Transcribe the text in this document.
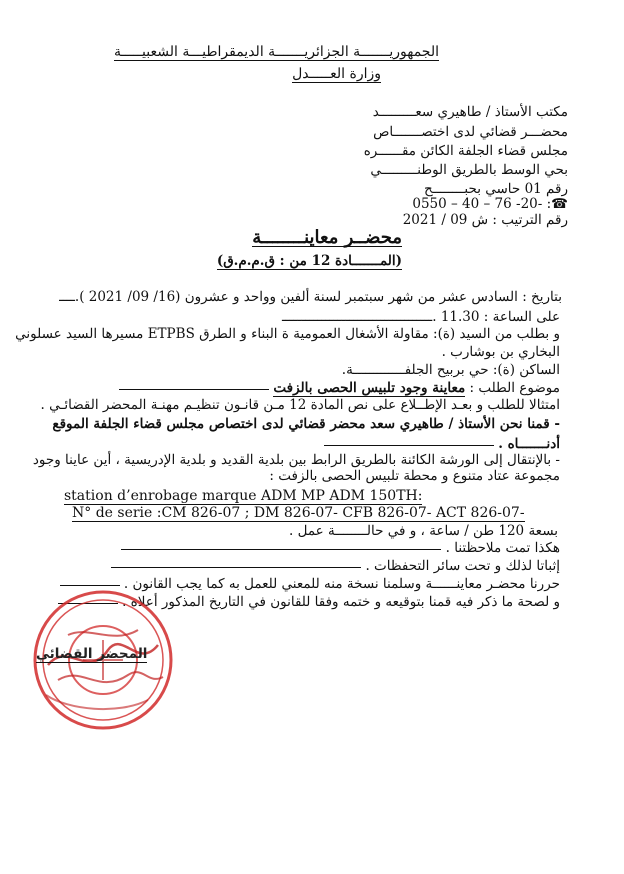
الجمهوريـــــــة الجزائريـــــــة الديمقراطيـــة الشعبيـــــة
وزارة العـــــدل
مكتب الأستاذ / طاهيري سعـــــــــد
محضـــر قضائي لدى اختصـــــــاص
مجلس قضاء الجلفة الكائن مقــــــره
بحي الوسط بالطريق الوطنـــــــــي
رقم 01 حاسي بحبــــــــح
0550 – 40 – 76 -20- :☎
رقم الترتيب : ش 09 / 2021
محضــر معاينــــــــة
(المـــــــادة 12 من : ق.م.م.ق)
بتاريخ : السادس عشر من شهر سبتمبر لسنة ألفين وواحد و عشرون (16/ 09/ 2021 ).ــــ
على الساعة : 11.30 .ــــــــــــــــــــــــــــــــــــــ
و بطلب من السيد (ة): مقاولة الأشغال العمومية ة البناء و الطرق ETPBS مسيرها السيد عسلوني
البخاري بن بوشارب .
الساكن (ة): حي بربيح الجلفـــــــــــــة.
موضوع الطلب : معاينة وجود تلبيس الحصى بالزفت
امتثالا للطلب و بعـد الإطــلاع على نص المادة 12 مـن قانـون تنظيـم مهنـة المحضر القضائـي .
- قمنا نحن الأستاذ / طاهيري سعد محضر قضائي لدى اختصاص مجلس قضاء الجلفة الموقع
أدنـــــــاه .
- بالإنتقال إلى الورشة الكائنة بالطريق الرابط بين بلدية القديد و بلدية الإدريسية ، أين عاينا وجود
مجموعة عتاد متنوع و محطة تلبيس الحصى بالزفت :
station d’enrobage marque ADM MP ADM 150TH:
N° de serie :CM 826-07 ; DM 826-07- CFB 826-07- ACT 826-07-
بسعة 120 طن / ساعة ، و في حالــــــــة عمل .
هكذا تمت ملاحظتنا .
إثباتا لذلك و تحت سائر التحفظات .
حررنا محضـر معاينــــــة وسلمنا نسخة منه للمعني للعمل به كما يجب القانون .
و لصحة ما ذكر فيه قمنا بتوقيعه و ختمه وفقا للقانون في التاريخ المذكور أعلاه .
المحضر القضائي
